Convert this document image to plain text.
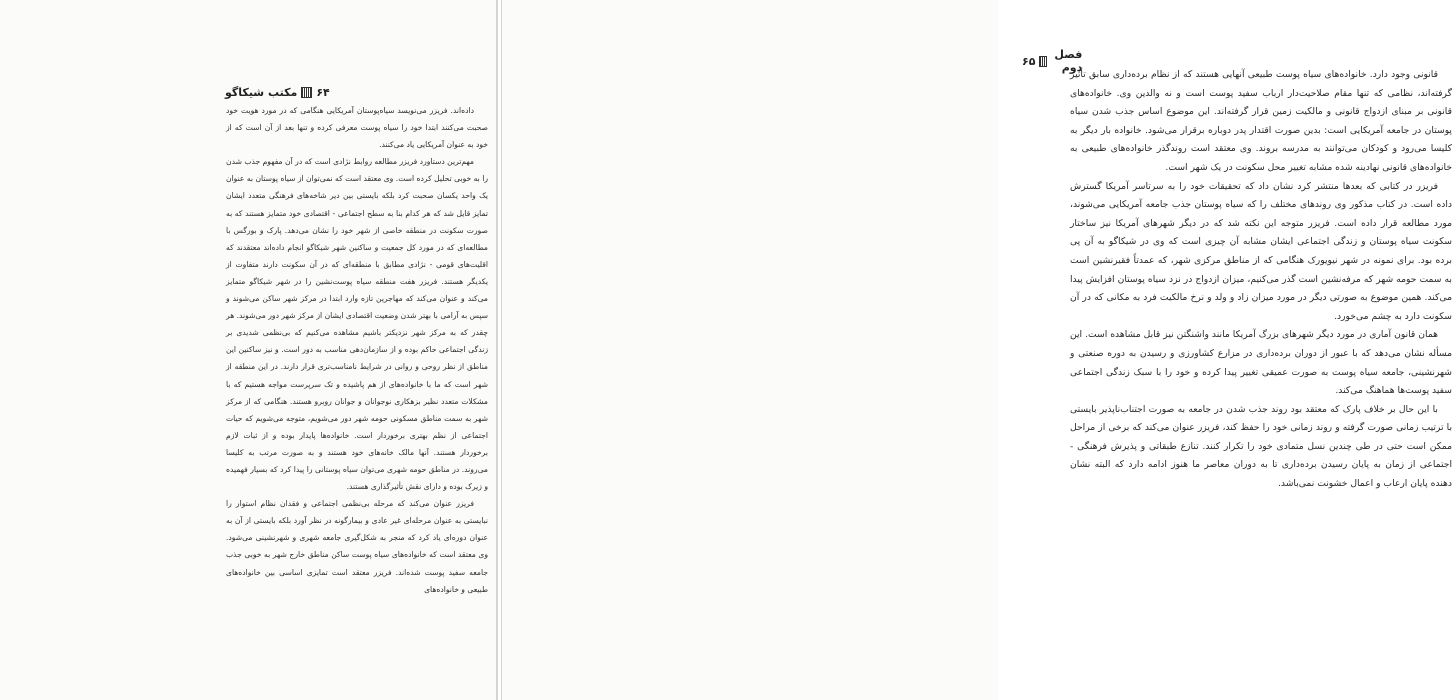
۶۴
مکتب شیکاگو

داده‌اند. فریزر می‌نویسد سیاه‌پوستان آمریکایی هنگامی که در مورد هویت خود صحبت می‌کنند ابتدا خود را سیاه پوست معرفی کرده و تنها بعد از آن است که از خود به عنوان آمریکایی یاد می‌کنند.

مهم‌ترین دستاورد فریزر مطالعه روابط نژادی است که در آن مفهوم جذب شدن را به خوبی تحلیل کرده است. وی معتقد است که نمی‌توان از سیاه پوستان به عنوان یک واحد یکسان صحبت کرد بلکه بایستی بین دیر شاخه‌های فرهنگی متعدد ایشان تمایز قایل شد که هر کدام بنا به سطح اجتماعی - اقتصادی خود متمایز هستند که به صورت سکونت در منطقه خاصی از شهر خود را نشان می‌دهد. پارک و بورگس با مطالعه‌ای که در مورد کل جمعیت و ساکنین شهر شیکاگو انجام داده‌اند معتقدند که اقلیت‌های قومی - نژادی مطابق با منطقه‌ای که در آن سکونت دارند متفاوت از یکدیگر هستند. فریزر هفت منطقه سیاه پوست‌نشین را در شهر شیکاگو متمایز می‌کند و عنوان می‌کند که مهاجرین تازه وارد ابتدا در مرکز شهر ساکن می‌شوند و سپس به آرامی با بهتر شدن وضعیت اقتصادی ایشان از مرکز شهر دور می‌شوند. هر چقدر که به مرکز شهر نزدیکتر باشیم مشاهده می‌کنیم که بی‌نظمی شدیدی بر زندگی اجتماعی حاکم بوده و از سازمان‌دهی مناسب به دور است. و نیز ساکنین این مناطق از نظر روحی و روانی در شرایط نامناسب‌تری قرار دارند. در این منطقه از شهر است که ما با خانواده‌های از هم پاشیده و تک سرپرست مواجه هستیم که با مشکلات متعدد نظیر بزهکاری نوجوانان و جوانان روبرو هستند. هنگامی که از مرکز شهر به سمت مناطق مسکونی حومه شهر دور می‌شویم، متوجه می‌شویم که حیات اجتماعی از نظم بهتری برخوردار است. خانواده‌ها پایدار بوده و از ثبات لازم برخوردار هستند. آنها مالک خانه‌های خود هستند و به صورت مرتب به کلیسا می‌روند. در مناطق حومه شهری می‌توان سیاه پوستانی را پیدا کرد که بسیار فهمیده و زیرک بوده و دارای نقش تأثیرگذاری هستند.

فریزر عنوان می‌کند که مرحله بی‌نظمی اجتماعی و فقدان نظام استوار را نبایستی به عنوان مرحله‌ای غیر عادی و بیمارگونه در نظر آورد بلکه بایستی از آن به عنوان دوره‌ای یاد کرد که منجر به شکل‌گیری جامعه شهری و شهرنشینی می‌شود. وی معتقد است که خانواده‌های سیاه پوست ساکن مناطق خارج شهر به خوبی جذب جامعه سفید پوست شده‌اند. فریزر معتقد است تمایزی اساسی بین خانواده‌های طبیعی و خانواده‌های

فصل دوم
۶۵

قانونی وجود دارد. خانواده‌های سیاه پوست طبیعی آنهایی هستند که از نظام برده‌داری سابق تأثیر گرفته‌اند، نظامی که تنها مقام صلاحیت‌دار ارباب سفید پوست است و نه والدین وی. خانواده‌های قانونی بر مبنای ازدواج قانونی و مالکیت زمین قرار گرفته‌اند. این موضوع اساس جذب شدن سیاه پوستان در جامعه آمریکایی است: بدین صورت اقتدار پدر دوباره برقرار می‌شود. خانواده بار دیگر به کلیسا می‌رود و کودکان می‌توانند به مدرسه بروند. وی معتقد است روندگذر خانواده‌های طبیعی به خانواده‌های قانونی نهادینه شده مشابه تغییر محل سکونت در یک شهر است.

فریزر در کتابی که بعدها منتشر کرد نشان داد که تحقیقات خود را به سرتاسر آمریکا گسترش داده است. در کتاب مذکور وی روندهای مختلف را که سیاه پوستان جذب جامعه آمریکایی می‌شوند، مورد مطالعه قرار داده است. فریزر متوجه این نکته شد که در دیگر شهرهای آمریکا نیز ساختار سکونت سیاه پوستان و زندگی اجتماعی ایشان مشابه آن چیزی است که وی در شیکاگو به آن پی برده بود. برای نمونه در شهر نیویورک هنگامی که از مناطق مرکزی شهر، که عمدتاً فقیرنشین است به سمت حومه شهر که مرفه‌نشین است گذر می‌کنیم، میزان ازدواج در نزد سیاه پوستان افزایش پیدا می‌کند. همین موضوع به صورتی دیگر در مورد میزان زاد و ولد و نرخ مالکیت فرد به مکانی که در آن سکونت دارد به چشم می‌خورد.

همان قانون آماری در مورد دیگر شهرهای بزرگ آمریکا مانند واشنگتن نیز قابل مشاهده است. این مسأله نشان می‌دهد که با عبور از دوران برده‌داری در مزارع کشاورزی و رسیدن به دوره صنعتی و شهرنشینی، جامعه سیاه پوست به صورت عمیقی تغییر پیدا کرده و خود را با سبک زندگی اجتماعی سفید پوست‌ها هماهنگ می‌کند.

با این حال بر خلاف پارک که معتقد بود روند جذب شدن در جامعه به صورت اجتناب‌ناپذیر بایستی با ترتیب زمانی صورت گرفته و روند زمانی خود را حفظ کند، فریزر عنوان می‌کند که برخی از مراحل ممکن است حتی در طی چندین نسل متمادی خود را تکرار کنند. تنازع طبقاتی و پذیرش فرهنگی - اجتماعی از زمان به پایان رسیدن برده‌داری تا به دوران معاصر ما هنوز ادامه دارد که البته نشان دهنده پایان ارعاب و اعمال خشونت نمی‌باشد.
